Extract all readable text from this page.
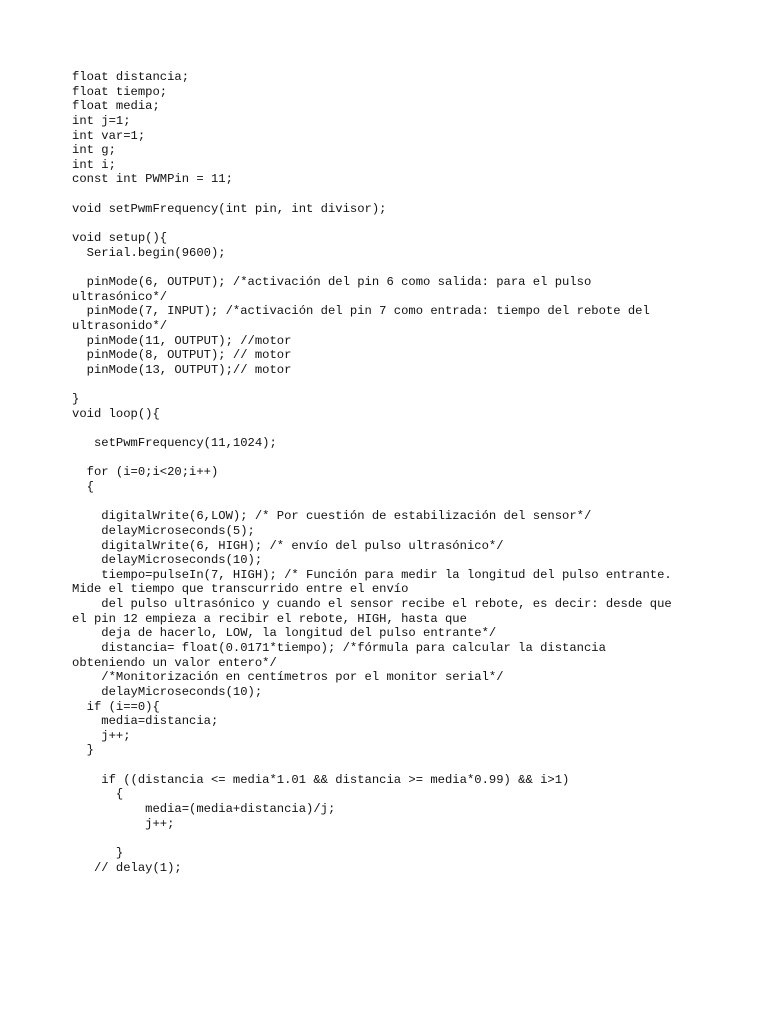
float distancia;
float tiempo;
float media;
int j=1;
int var=1;
int g;
int i;
const int PWMPin = 11;
void setPwmFrequency(int pin, int divisor);
void setup(){
Serial.begin(9600);
pinMode(6, OUTPUT); /*activación del pin 6 como salida: para el pulso
ultrasónico*/
pinMode(7, INPUT); /*activación del pin 7 como entrada: tiempo del rebote del
ultrasonido*/
pinMode(11, OUTPUT); //motor
pinMode(8, OUTPUT); // motor
pinMode(13, OUTPUT);// motor
}
void loop(){
setPwmFrequency(11,1024);
for (i=0;i<20;i++)
{
digitalWrite(6,LOW); /* Por cuestión de estabilización del sensor*/
delayMicroseconds(5);
digitalWrite(6, HIGH); /* envío del pulso ultrasónico*/
delayMicroseconds(10);
tiempo=pulseIn(7, HIGH); /* Función para medir la longitud del pulso entrante.
Mide el tiempo que transcurrido entre el envío
del pulso ultrasónico y cuando el sensor recibe el rebote, es decir: desde que
el pin 12 empieza a recibir el rebote, HIGH, hasta que
deja de hacerlo, LOW, la longitud del pulso entrante*/
distancia= float(0.0171*tiempo); /*fórmula para calcular la distancia
obteniendo un valor entero*/
/*Monitorización en centímetros por el monitor serial*/
delayMicroseconds(10);
if (i==0){
media=distancia;
j++;
}
if ((distancia <= media*1.01 && distancia >= media*0.99) && i>1)
{
media=(media+distancia)/j;
j++;
}
// delay(1);
